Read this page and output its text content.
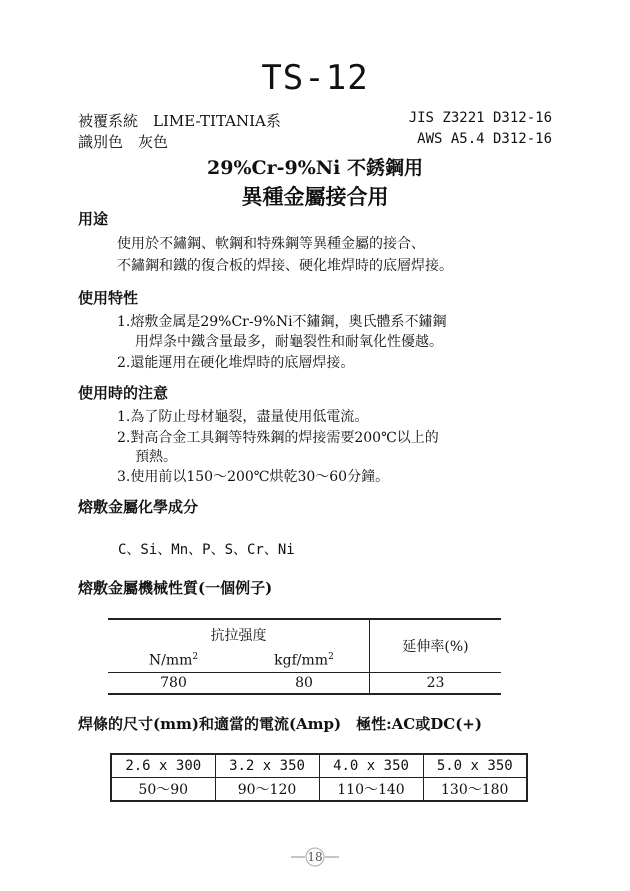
TS-12
被覆系統　LIME-TITANIA系	JIS Z3221 D312-16
識別色　灰色	AWS A5.4 D312-16
29%Cr-9%Ni 不銹鋼用
異種金屬接合用
用途
使用於不鏽鋼、軟鋼和特殊鋼等異種金屬的接合、
不鏽鋼和鐵的復合板的焊接、硬化堆焊時的底層焊接。
使用特性
1.熔敷金属是29%Cr-9%Ni不鏽鋼，奧氏體系不鏽鋼
用焊条中鐵含量最多，耐龜裂性和耐氧化性優越。
2.還能運用在硬化堆焊時的底層焊接。
使用時的注意
1.為了防止母材龜裂，盡量使用低電流。
2.對高合金工具鋼等特殊鋼的焊接需要200℃以上的
預熱。
3.使用前以150～200℃烘乾30～60分鐘。
熔敷金屬化學成分
C、Si、Mn、P、S、Cr、Ni
熔敷金屬機械性質(一個例子)
抗拉强度		延伸率(%)
$N/mm^2$	kgf/$mm^2$
780	80	23
焊條的尺寸(mm)和適當的電流(Amp)　極性:AC或DC(+)
2.6 x 300	3.2 x 350	4.0 x 350	5.0 x 350
50～90	90～120	110～140	130～180
18
